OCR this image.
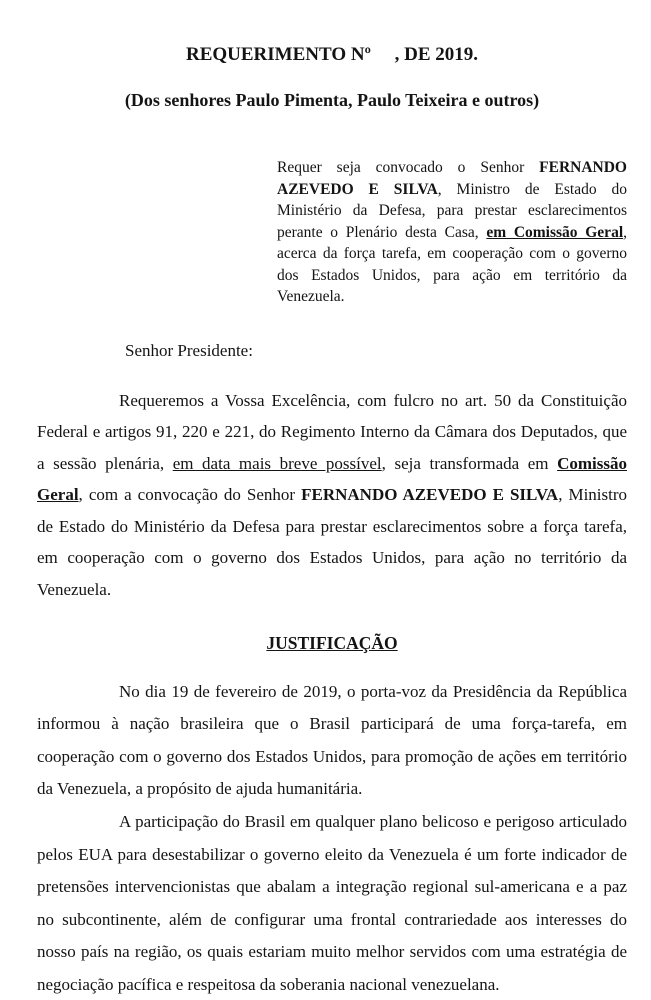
REQUERIMENTO Nº     , DE 2019.
(Dos senhores Paulo Pimenta, Paulo Teixeira e outros)
Requer seja convocado o Senhor FERNANDO AZEVEDO E SILVA, Ministro de Estado do Ministério da Defesa, para prestar esclarecimentos perante o Plenário desta Casa, em Comissão Geral, acerca da força tarefa, em cooperação com o governo dos Estados Unidos, para ação em território da Venezuela.

Senhor Presidente:

Requeremos a Vossa Excelência, com fulcro no art. 50 da Constituição Federal e artigos 91, 220 e 221, do Regimento Interno da Câmara dos Deputados, que a sessão plenária, em data mais breve possível, seja transformada em Comissão Geral, com a convocação do Senhor FERNANDO AZEVEDO E SILVA, Ministro de Estado do Ministério da Defesa para prestar esclarecimentos sobre a força tarefa, em cooperação com o governo dos Estados Unidos, para ação no território da Venezuela.

JUSTIFICAÇÃO

No dia 19 de fevereiro de 2019, o porta-voz da Presidência da República informou à nação brasileira que o Brasil participará de uma força-tarefa, em cooperação com o governo dos Estados Unidos, para promoção de ações em território da Venezuela, a propósito de ajuda humanitária.

A participação do Brasil em qualquer plano belicoso e perigoso articulado pelos EUA para desestabilizar o governo eleito da Venezuela é um forte indicador de pretensões intervencionistas que abalam a integração regional sul-americana e a paz no subcontinente, além de configurar uma frontal contrariedade aos interesses do nosso país na região, os quais estariam muito melhor servidos com uma estratégia de negociação pacífica e respeitosa da soberania nacional venezuelana.
